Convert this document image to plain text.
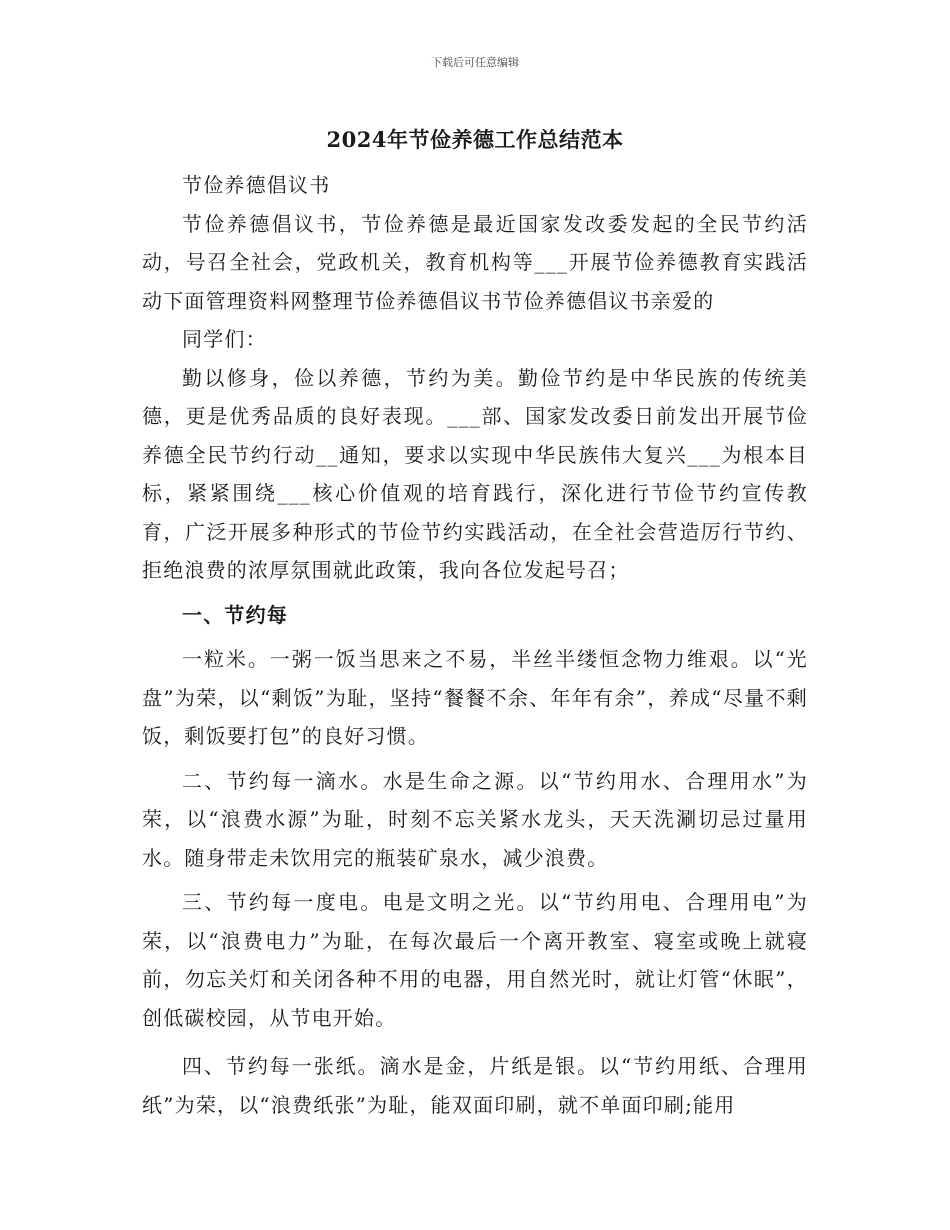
下载后可任意编辑
2024年节俭养德工作总结范本

节俭养德倡议书

节俭养德倡议书，节俭养德是最近国家发改委发起的全民节约活动，号召全社会，党政机关，教育机构等___开展节俭养德教育实践活动下面管理资料网整理节俭养德倡议书节俭养德倡议书亲爱的

同学们：

勤以修身，俭以养德，节约为美。勤俭节约是中华民族的传统美德，更是优秀品质的良好表现。___部、国家发改委日前发出开展节俭养德全民节约行动__通知，要求以实现中华民族伟大复兴___为根本目标，紧紧围绕___核心价值观的培育践行，深化进行节俭节约宣传教育，广泛开展多种形式的节俭节约实践活动，在全社会营造厉行节约、拒绝浪费的浓厚氛围就此政策，我向各位发起号召；

一、节约每

一粒米。一粥一饭当思来之不易，半丝半缕恒念物力维艰。以“光盘”为荣，以“剩饭”为耻，坚持“餐餐不余、年年有余”，养成“尽量不剩饭，剩饭要打包”的良好习惯。

二、节约每一滴水。水是生命之源。以“节约用水、合理用水”为荣，以“浪费水源”为耻，时刻不忘关紧水龙头，天天洗涮切忌过量用水。随身带走未饮用完的瓶装矿泉水，减少浪费。

三、节约每一度电。电是文明之光。以“节约用电、合理用电”为荣，以“浪费电力”为耻，在每次最后一个离开教室、寝室或晚上就寝前，勿忘关灯和关闭各种不用的电器，用自然光时，就让灯管“休眠”，创低碳校园，从节电开始。

四、节约每一张纸。滴水是金，片纸是银。以“节约用纸、合理用纸”为荣，以“浪费纸张”为耻，能双面印刷，就不单面印刷;能用
